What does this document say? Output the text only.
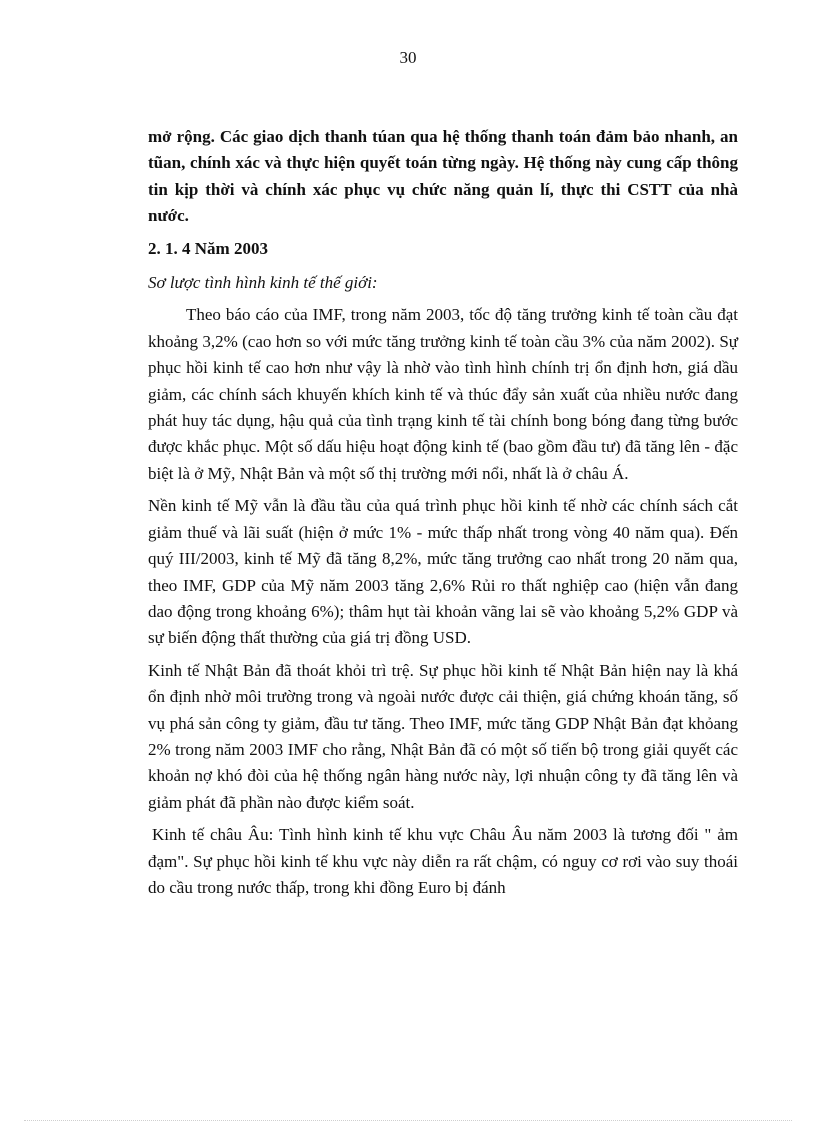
30

mở rộng. Các giao dịch thanh túan qua hệ thống thanh toán đảm bảo nhanh, an tũan, chính xác và thực hiện quyết toán từng ngày. Hệ thống này cung cấp thông tin kịp thời và chính xác phục vụ chức năng quản lí, thực thi CSTT của nhà nước.

2. 1. 4 Năm 2003

Sơ lược tình hình kinh tế thế giới:

Theo báo cáo của IMF, trong năm 2003, tốc độ tăng trưởng kinh tế toàn cầu đạt khoảng 3,2% (cao hơn so với mức tăng trưởng kinh tế toàn cầu 3% của năm 2002). Sự phục hồi kinh tế cao hơn như vậy là nhờ vào tình hình chính trị ổn định hơn, giá dầu giảm, các chính sách khuyến khích kinh tế và thúc đẩy sản xuất của nhiều nước đang phát huy tác dụng, hậu quả của tình trạng kinh tế tài chính bong bóng đang từng bước được khắc phục. Một số dấu hiệu hoạt động kinh tế (bao gồm đầu tư) đã tăng lên - đặc biệt là ở Mỹ, Nhật Bản và một số thị trường mới nổi, nhất là ở châu Á.

Nền kinh tế Mỹ vẫn là đầu tầu của quá trình phục hồi kinh tế nhờ các chính sách cắt giảm thuế và lãi suất (hiện ở mức 1% - mức thấp nhất trong vòng 40 năm qua). Đến quý III/2003, kinh tế Mỹ đã tăng 8,2%, mức tăng trưởng cao nhất trong 20 năm qua, theo IMF, GDP của Mỹ năm 2003 tăng 2,6% Rủi ro thất nghiệp cao (hiện vẫn đang dao động trong khoảng 6%); thâm hụt tài khoản vãng lai sẽ vào khoảng 5,2% GDP và sự biến động thất thường của giá trị đồng USD.

Kinh tế Nhật Bản đã thoát khỏi trì trệ. Sự phục hồi kinh tế Nhật Bản hiện nay là khá ổn định nhờ môi trường trong và ngoài nước được cải thiện, giá chứng khoán tăng, số vụ phá sản công ty giảm, đầu tư tăng. Theo IMF, mức tăng GDP Nhật Bản đạt khỏang 2% trong năm 2003 IMF cho rằng, Nhật Bản đã có một số tiến bộ trong giải quyết các khoản nợ khó đòi của hệ thống ngân hàng nước này, lợi nhuận công ty đã tăng lên và giảm phát đã phần nào được kiểm soát.

Kinh tế châu Âu: Tình hình kinh tế khu vực Châu Âu năm 2003 là tương đối " ảm đạm". Sự phục hồi kinh tế khu vực này diễn ra rất chậm, có nguy cơ rơi vào suy thoái do cầu trong nước thấp, trong khi đồng Euro bị đánh
